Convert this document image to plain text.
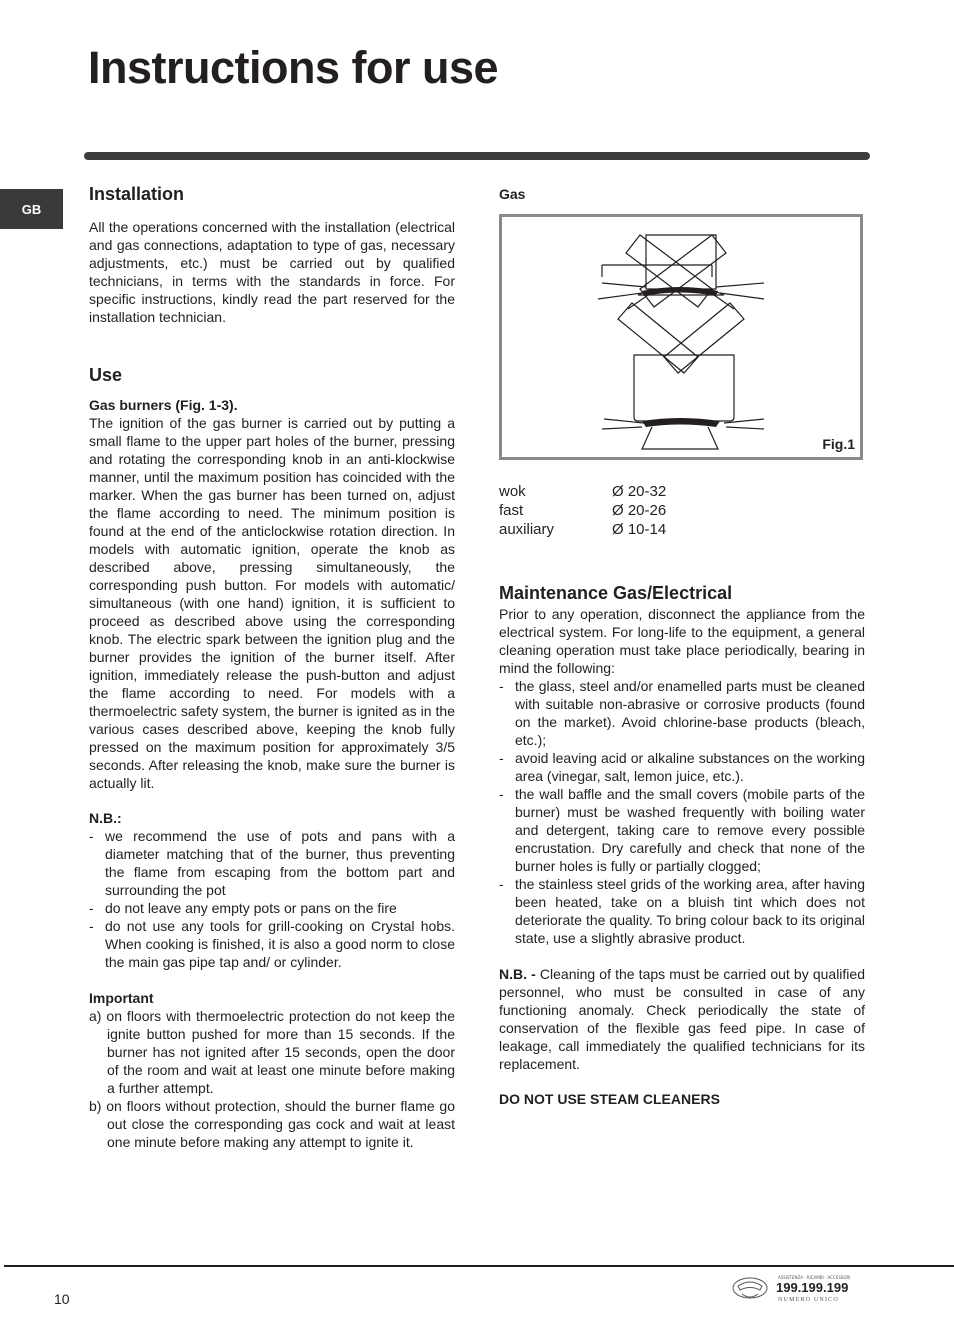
Instructions for use
GB
Installation

All the operations concerned with the installation (electrical and gas connections, adaptation to type of gas, necessary adjustments, etc.) must be carried out by qualified technicians, in terms with the standards in force. For specific instructions, kindly read the part reserved for the installation technician.

Use
Gas burners (Fig. 1-3).

The ignition of the gas burner is carried out by putting a small flame to the upper part holes of the burner, pressing and rotating the corresponding knob in an anti-klockwise manner, until the maximum position has coincided with the marker. When the gas burner has been turned on, adjust the flame according to need. The minimum position is found at the end of the anticlockwise rotation direction. In models with automatic ignition, operate the knob as described above, pressing simultaneously, the corresponding push button. For models with automatic/ simultaneous (with one hand) ignition, it is sufficient to proceed as described above using the corresponding knob. The electric spark between the ignition plug and the burner provides the ignition of the burner itself. After ignition, immediately release the push-button and adjust the flame according to need. For models with a thermoelectric safety system, the burner is ignited as in the various cases described above, keeping the knob fully pressed on the maximum position for approximately 3/5 seconds. After releasing the knob, make sure the burner is actually lit.

N.B.:
- we recommend the use of pots and pans with a diameter matching that of the burner, thus preventing the flame from escaping from the bottom part and surrounding the pot
- do not leave any empty pots or pans on the fire
- do not use any tools for grill-cooking on Crystal hobs. When cooking is finished, it is also a good norm to close the main gas pipe tap and/ or cylinder.
Important
a) on floors with thermoelectric protection do not keep the ignite button pushed for more than 15 seconds. If the burner has not ignited after 15 seconds, open the door of the room and wait at least one minute before making a further attempt.
b) on floors without protection, should the burner flame go out close the corresponding gas cock and wait at least one minute before making any attempt to ignite it.
Gas
Fig.1
wok	Ø 20-32
fast	Ø 20-26
auxiliary	Ø 10-14
Maintenance Gas/Electrical

Prior to any operation, disconnect the appliance from the electrical system. For long-life to the equipment, a general cleaning operation must take place periodically, bearing in mind the following:

- the glass, steel and/or enamelled parts must be cleaned with suitable non-abrasive or corrosive products (found on the market). Avoid chlorine-base products (bleach, etc.);
- avoid leaving acid or alkaline substances on the working area (vinegar, salt, lemon juice, etc.).
- the wall baffle and the small covers (mobile parts of the burner) must be washed frequently with boiling water and detergent, taking care to remove every possible encrustation. Dry carefully and check that none of the burner holes is fully or partially clogged;
- the stainless steel grids of the working area, after having been heated, take on a bluish tint which does not deteriorate the quality. To bring colour back to its original state, use a slightly abrasive product.

N.B. - Cleaning of the taps must be carried out by qualified personnel, who must be consulted in case of any functioning anomaly. Check periodically the state of conservation of the flexible gas feed pipe. In case of leakage, call immediately the qualified technicians for its replacement.

DO NOT USE STEAM CLEANERS
10
ASSISTENZA · RICAMBI · ACCESSORI
199.199.199
NUMERO UNICO
